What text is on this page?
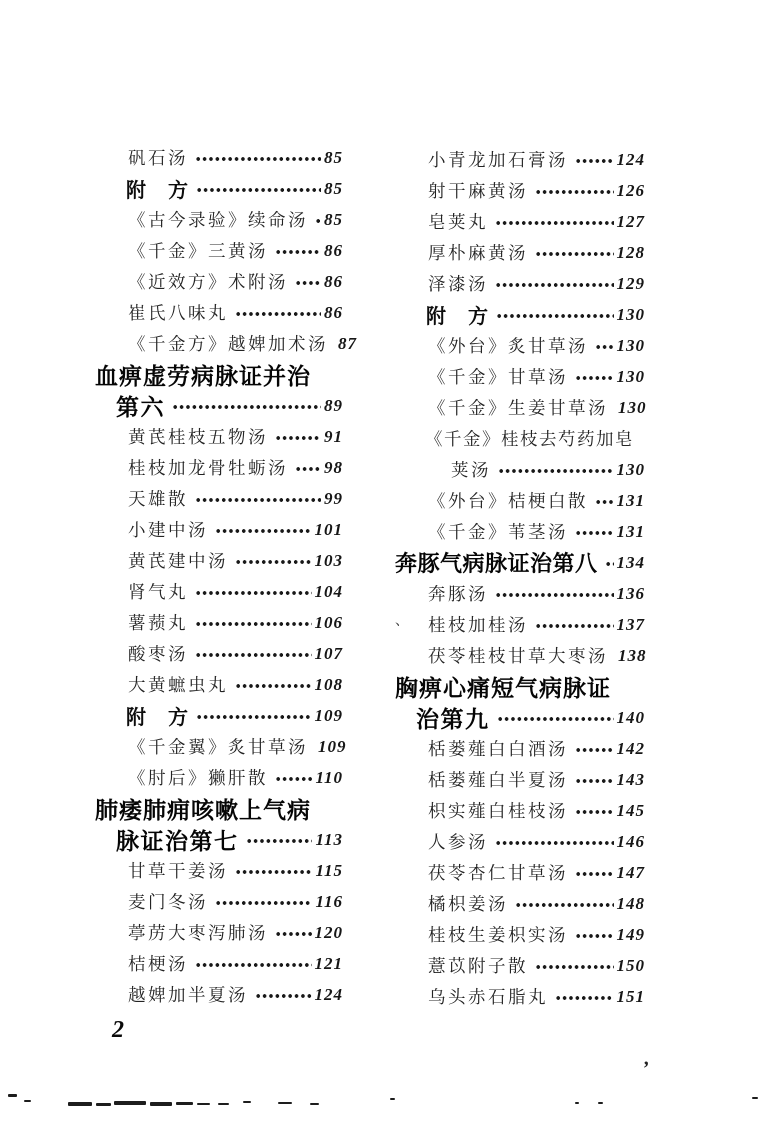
矾石汤	85
附　方	85
《古今录验》续命汤 85
《千金》三黄汤	86
《近效方》术附汤 86
崔氏八味丸	86
《千金方》越婢加术汤 87
血痹虚劳病脉证并治
第六	89
黄芪桂枝五物汤	91
桂枝加龙骨牡蛎汤 98
天雄散	99
小建中汤	101
黄芪建中汤	103
肾气丸	104
薯蓣丸	106
酸枣汤	107
大黄蟅虫丸	108
附　方	109
《千金翼》炙甘草汤 109
《肘后》獭肝散	110
肺痿肺痈咳嗽上气病
脉证治第七	113
甘草干姜汤	115
麦门冬汤	116
葶苈大枣泻肺汤	120
桔梗汤	121
越婢加半夏汤	124
小青龙加石膏汤	124
射干麻黄汤	126
皂荚丸	127
厚朴麻黄汤	128
泽漆汤	129
附　方	130
《外台》炙甘草汤 130
《千金》甘草汤	130
《千金》生姜甘草汤 130
《千金》桂枝去芍药加皂
荚汤	130
《外台》桔梗白散 131
《千金》苇茎汤	131
奔豚气病脉证治第八 134
奔豚汤	136
桂枝加桂汤	137
茯苓桂枝甘草大枣汤 138
胸痹心痛短气病脉证
治第九	140
栝蒌薤白白酒汤	142
栝蒌薤白半夏汤	143
枳实薤白桂枝汤	145
人参汤	146
茯苓杏仁甘草汤	147
橘枳姜汤	148
桂枝生姜枳实汤	149
薏苡附子散	150
乌头赤石脂丸	151
2
、
ʼ
